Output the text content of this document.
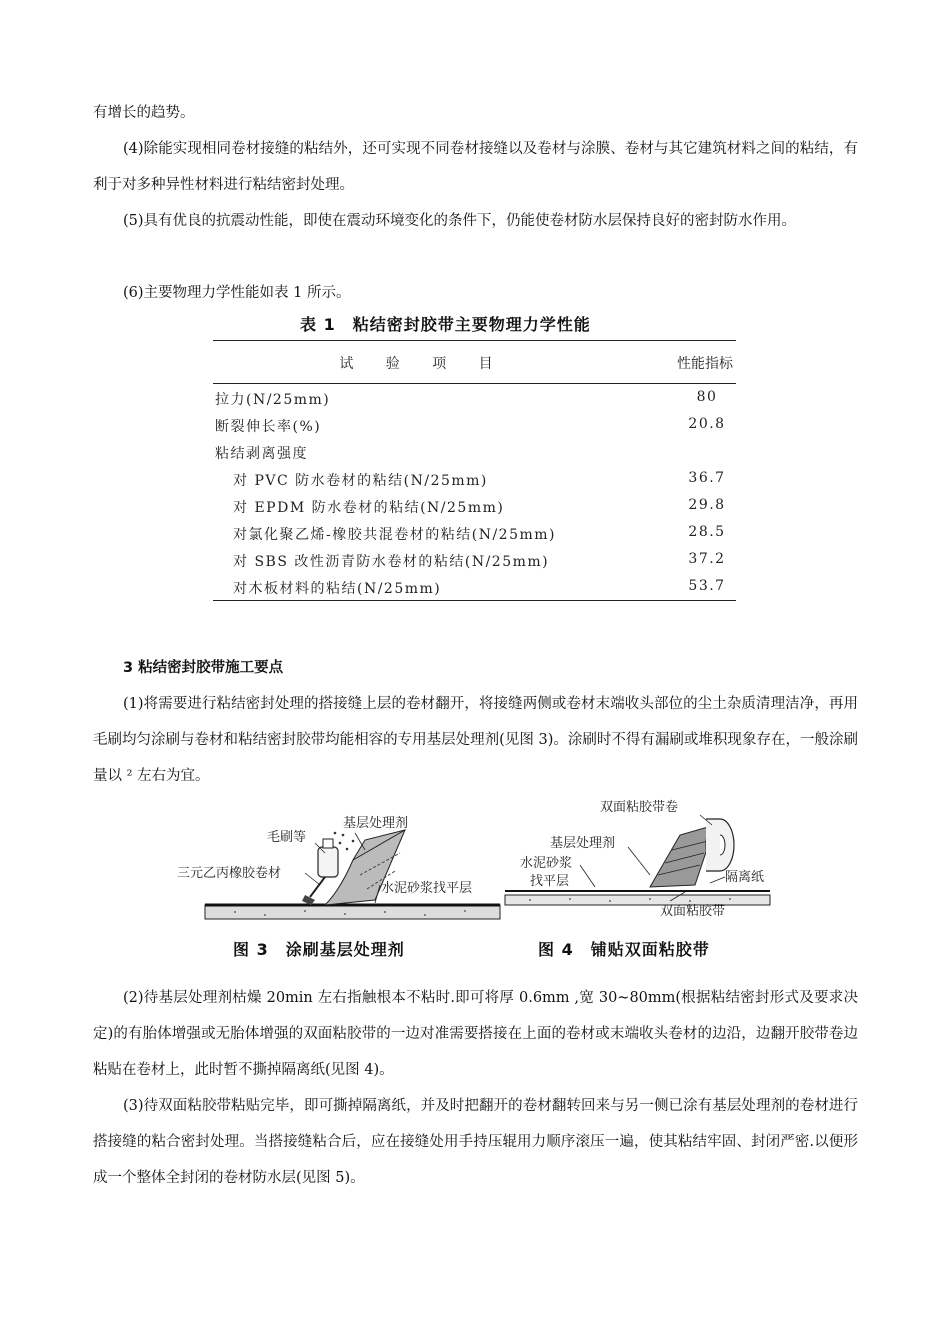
有增长的趋势。

(4)除能实现相同卷材接缝的粘结外，还可实现不同卷材接缝以及卷材与涂膜、卷材与其它建筑材料之间的粘结，有利于对多种异性材料进行粘结密封处理。

(5)具有优良的抗震动性能，即使在震动环境变化的条件下，仍能使卷材防水层保持良好的密封防水作用。

(6)主要物理力学性能如表 1 所示。

表 1　粘结密封胶带主要物理力学性能
试 验 项 目	性能指标
拉力(N/25mm)	80
断裂伸长率(%)	20.8
粘结剥离强度
对 PVC 防水卷材的粘结(N/25mm)	36.7
对 EPDM 防水卷材的粘结(N/25mm)	29.8
对氯化聚乙烯-橡胶共混卷材的粘结(N/25mm)	28.5
对 SBS 改性沥青防水卷材的粘结(N/25mm)	37.2
对木板材料的粘结(N/25mm)	53.7
3 粘结密封胶带施工要点

(1)将需要进行粘结密封处理的搭接缝上层的卷材翻开，将接缝两侧或卷材末端收头部位的尘土杂质清理洁净，再用毛刷均匀涂刷与卷材和粘结密封胶带均能相容的专用基层处理剂(见图 3)。涂刷时不得有漏刷或堆积现象存在，一般涂刷量以 ² 左右为宜。

毛刷等
基层处理剂
三元乙丙橡胶卷材
水泥砂浆找平层
图 3　涂刷基层处理剂
双面粘胶带卷
基层处理剂
水泥砂浆
找平层	隔离纸
双面粘胶带
图 4　铺贴双面粘胶带

(2)待基层处理剂枯燥 20min 左右指触根本不粘时.即可将厚 0.6mm ,宽 30~80mm(根据粘结密封形式及要求决定)的有胎体增强或无胎体增强的双面粘胶带的一边对准需要搭接在上面的卷材或末端收头卷材的边沿，边翻开胶带卷边粘贴在卷材上，此时暂不撕掉隔离纸(见图 4)。

(3)待双面粘胶带粘贴完毕，即可撕掉隔离纸，并及时把翻开的卷材翻转回来与另一侧已涂有基层处理剂的卷材进行搭接缝的粘合密封处理。当搭接缝粘合后，应在接缝处用手持压辊用力顺序滚压一遍，使其粘结牢固、封闭严密.以便形成一个整体全封闭的卷材防水层(见图 5)。
